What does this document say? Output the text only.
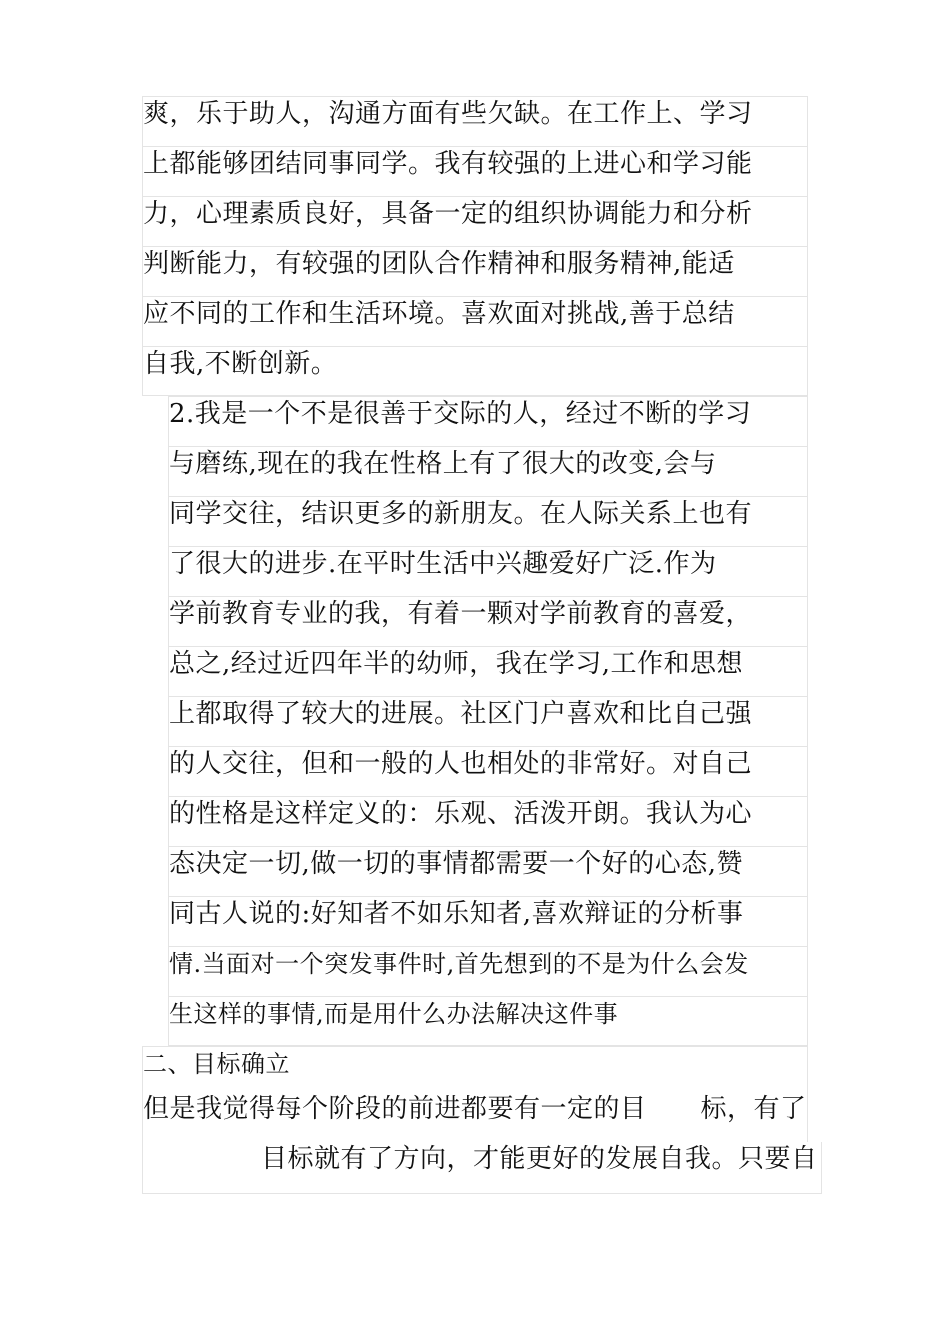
爽，乐于助人，沟通方面有些欠缺。在工作上、学习
上都能够团结同事同学。我有较强的上进心和学习能
力，心理素质良好，具备一定的组织协调能力和分析
判断能力，有较强的团队合作精神和服务精神,能适
应不同的工作和生活环境。喜欢面对挑战,善于总结
自我,不断创新。
2.我是一个不是很善于交际的人，经过不断的学习
与磨练,现在的我在性格上有了很大的改变,会与
同学交往，结识更多的新朋友。在人际关系上也有
了很大的进步.在平时生活中兴趣爱好广泛.作为
学前教育专业的我，有着一颗对学前教育的喜爱，
总之,经过近四年半的幼师，我在学习,工作和思想
上都取得了较大的进展。社区门户喜欢和比自己强
的人交往，但和一般的人也相处的非常好。对自己
的性格是这样定义的：乐观、活泼开朗。我认为心
态决定一切,做一切的事情都需要一个好的心态,赞
同古人说的:好知者不如乐知者,喜欢辩证的分析事
情.当面对一个突发事件时,首先想到的不是为什么会发
生这样的事情,而是用什么办法解决这件事
二、目标确立
但是我觉得每个阶段的前进都要有一定的目 标，有了
目标就有了方向，才能更好的发展自我。只要自
